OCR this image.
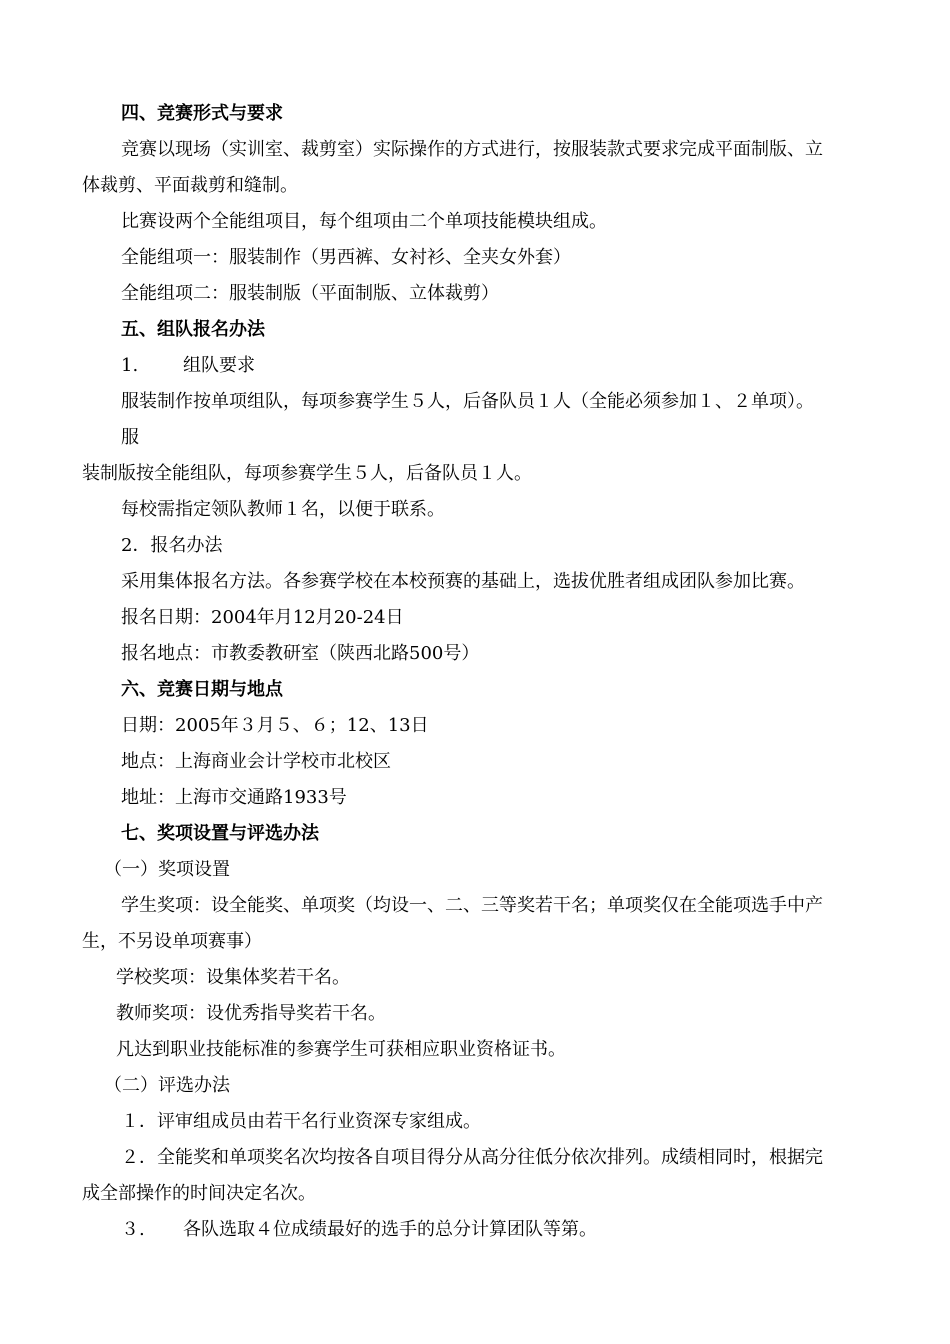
四、竞赛形式与要求
竞赛以现场（实训室、裁剪室）实际操作的方式进行，按服装款式要求完成平面制版、立
体裁剪、平面裁剪和缝制。
比赛设两个全能组项目，每个组项由二个单项技能模块组成。
全能组项一：服装制作（男西裤、女衬衫、全夹女外套）
全能组项二：服装制版（平面制版、立体裁剪）
五、组队报名办法
1. 组队要求
服装制作按单项组队，每项参赛学生５人，后备队员１人（全能必须参加１、２单项）。
服
装制版按全能组队，每项参赛学生５人，后备队员１人。
每校需指定领队教师１名，以便于联系。
2．报名办法
采用集体报名方法。各参赛学校在本校预赛的基础上，选拔优胜者组成团队参加比赛。
报名日期：2004年月12月20-24日
报名地点：市教委教研室（陕西北路500号）
六、竞赛日期与地点
日期：2005年３月５、６；12、13日
地点：上海商业会计学校市北校区
地址：上海市交通路1933号
七、奖项设置与评选办法
（一）奖项设置
学生奖项：设全能奖、单项奖（均设一、二、三等奖若干名；单项奖仅在全能项选手中产
生，不另设单项赛事）
学校奖项：设集体奖若干名。
教师奖项：设优秀指导奖若干名。
凡达到职业技能标准的参赛学生可获相应职业资格证书。
（二）评选办法
１．评审组成员由若干名行业资深专家组成。
２．全能奖和单项奖名次均按各自项目得分从高分往低分依次排列。成绩相同时，根据完
成全部操作的时间决定名次。
３. 各队选取４位成绩最好的选手的总分计算团队等第。
